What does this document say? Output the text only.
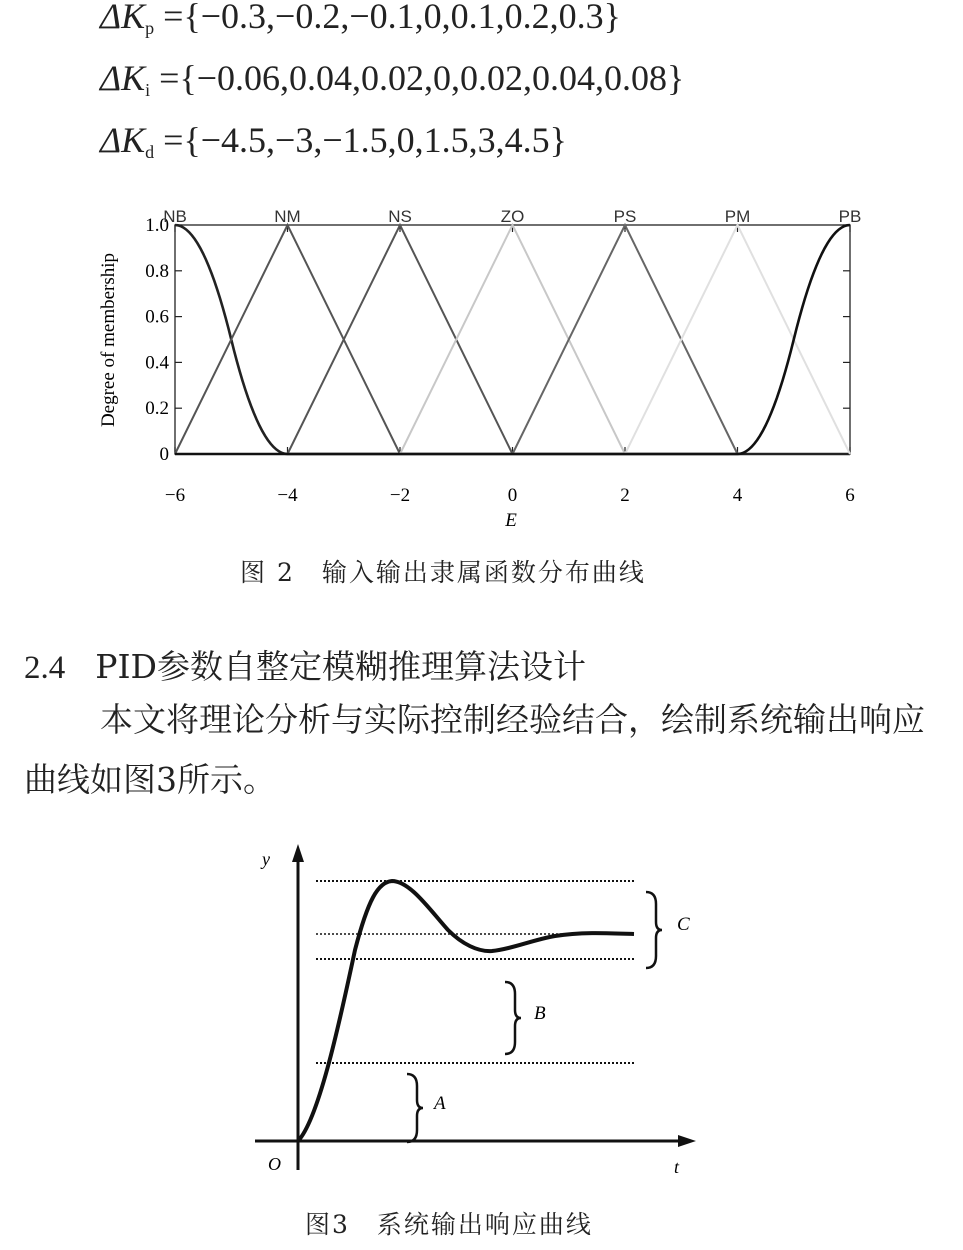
$\Delta K_p =\{-0.3,-0.2,-0.1,0,0.1,0.2,0.3\}$
$\Delta K_i =\{-0.06,0.04,0.02,0,0.02,0.04,0.08\}$
$\Delta K_d =\{-4.5,-3,-1.5,0,1.5,3,4.5\}$
−6	−4	−2	0	2	4	6
0
0.2
0.4
0.6
0.8
1.0
NB	NM	NS	ZO	PS	PM	PB
Degree of membership
E
图 2　输入输出隶属函数分布曲线
2.4 PID参数自整定模糊推理算法设计
本文将理论分析与实际控制经验结合，绘制系统输出响应曲线如图3所示。
y
t
O
C
B
A
图3　系统输出响应曲线
